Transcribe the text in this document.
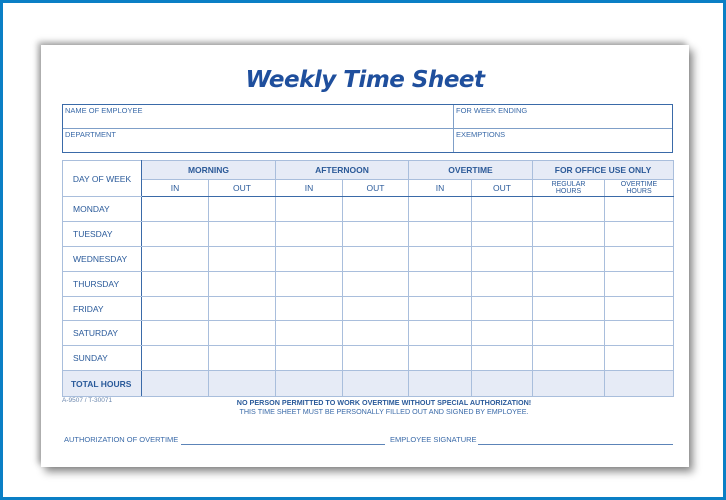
Weekly Time Sheet
NAME OF EMPLOYEE
DEPARTMENT
FOR WEEK ENDING
EXEMPTIONS
DAY OF WEEK	MORNING		AFTERNOON		OVERTIME		FOR OFFICE USE ONLY	
	IN	OUT	IN	OUT	IN	OUT	REGULAR HOURS	OVERTIME HOURS
MONDAY								
TUESDAY								
WEDNESDAY								
THURSDAY								
FRIDAY								
SATURDAY								
SUNDAY								
TOTAL HOURS								
A-9507 / T-30071	NO PERSON PERMITTED TO WORK OVERTIME WITHOUT SPECIAL AUTHORIZATION!
THIS TIME SHEET MUST BE PERSONALLY FILLED OUT AND SIGNED BY EMPLOYEE.
AUTHORIZATION OF OVERTIME	EMPLOYEE SIGNATURE
